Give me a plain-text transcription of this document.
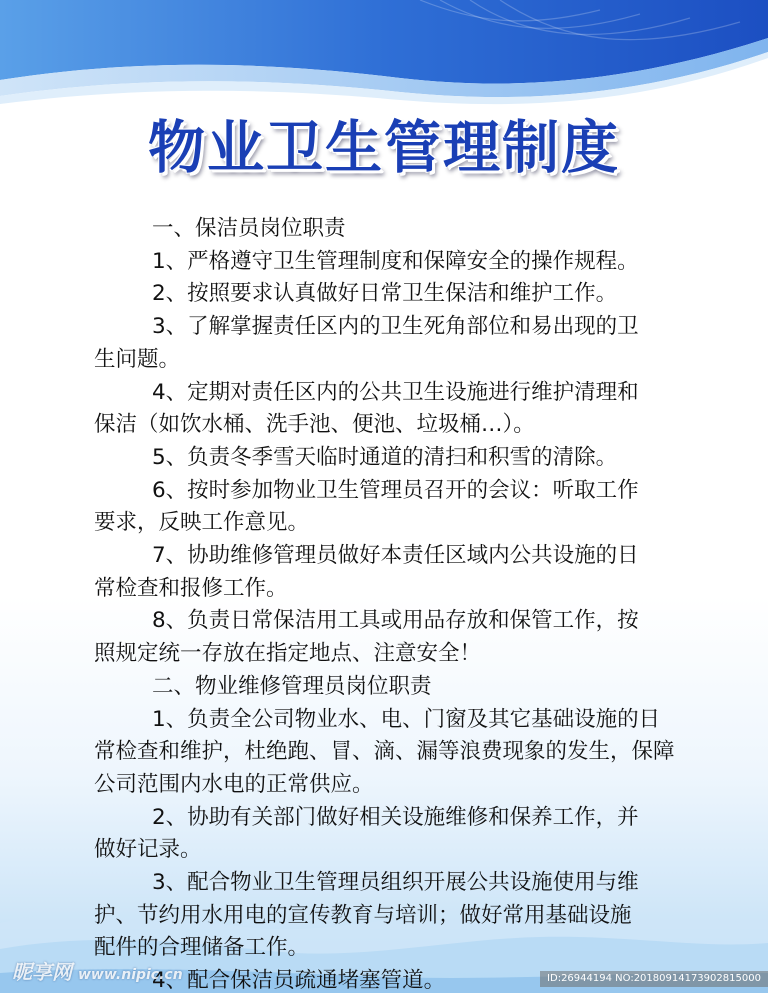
物业卫生管理制度
一、保洁员岗位职责
1、严格遵守卫生管理制度和保障安全的操作规程。
2、按照要求认真做好日常卫生保洁和维护工作。
3、了解掌握责任区内的卫生死角部位和易出现的卫
生问题。
4、定期对责任区内的公共卫生设施进行维护清理和
保洁（如饮水桶、洗手池、便池、垃圾桶…）。
5、负责冬季雪天临时通道的清扫和积雪的清除。
6、按时参加物业卫生管理员召开的会议：听取工作
要求，反映工作意见。
7、协助维修管理员做好本责任区域内公共设施的日
常检查和报修工作。
8、负责日常保洁用工具或用品存放和保管工作，按
照规定统一存放在指定地点、注意安全！
二、物业维修管理员岗位职责
1、负责全公司物业水、电、门窗及其它基础设施的日
常检查和维护，杜绝跑、冒、滴、漏等浪费现象的发生，保障
公司范围内水电的正常供应。
2、协助有关部门做好相关设施维修和保养工作，并
做好记录。
3、配合物业卫生管理员组织开展公共设施使用与维
护、节约用水用电的宣传教育与培训；做好常用基础设施
配件的合理储备工作。
4、配合保洁员疏通堵塞管道。
昵享网 www.nipic.cn	ID:26944194 NO:20180914173902815000
